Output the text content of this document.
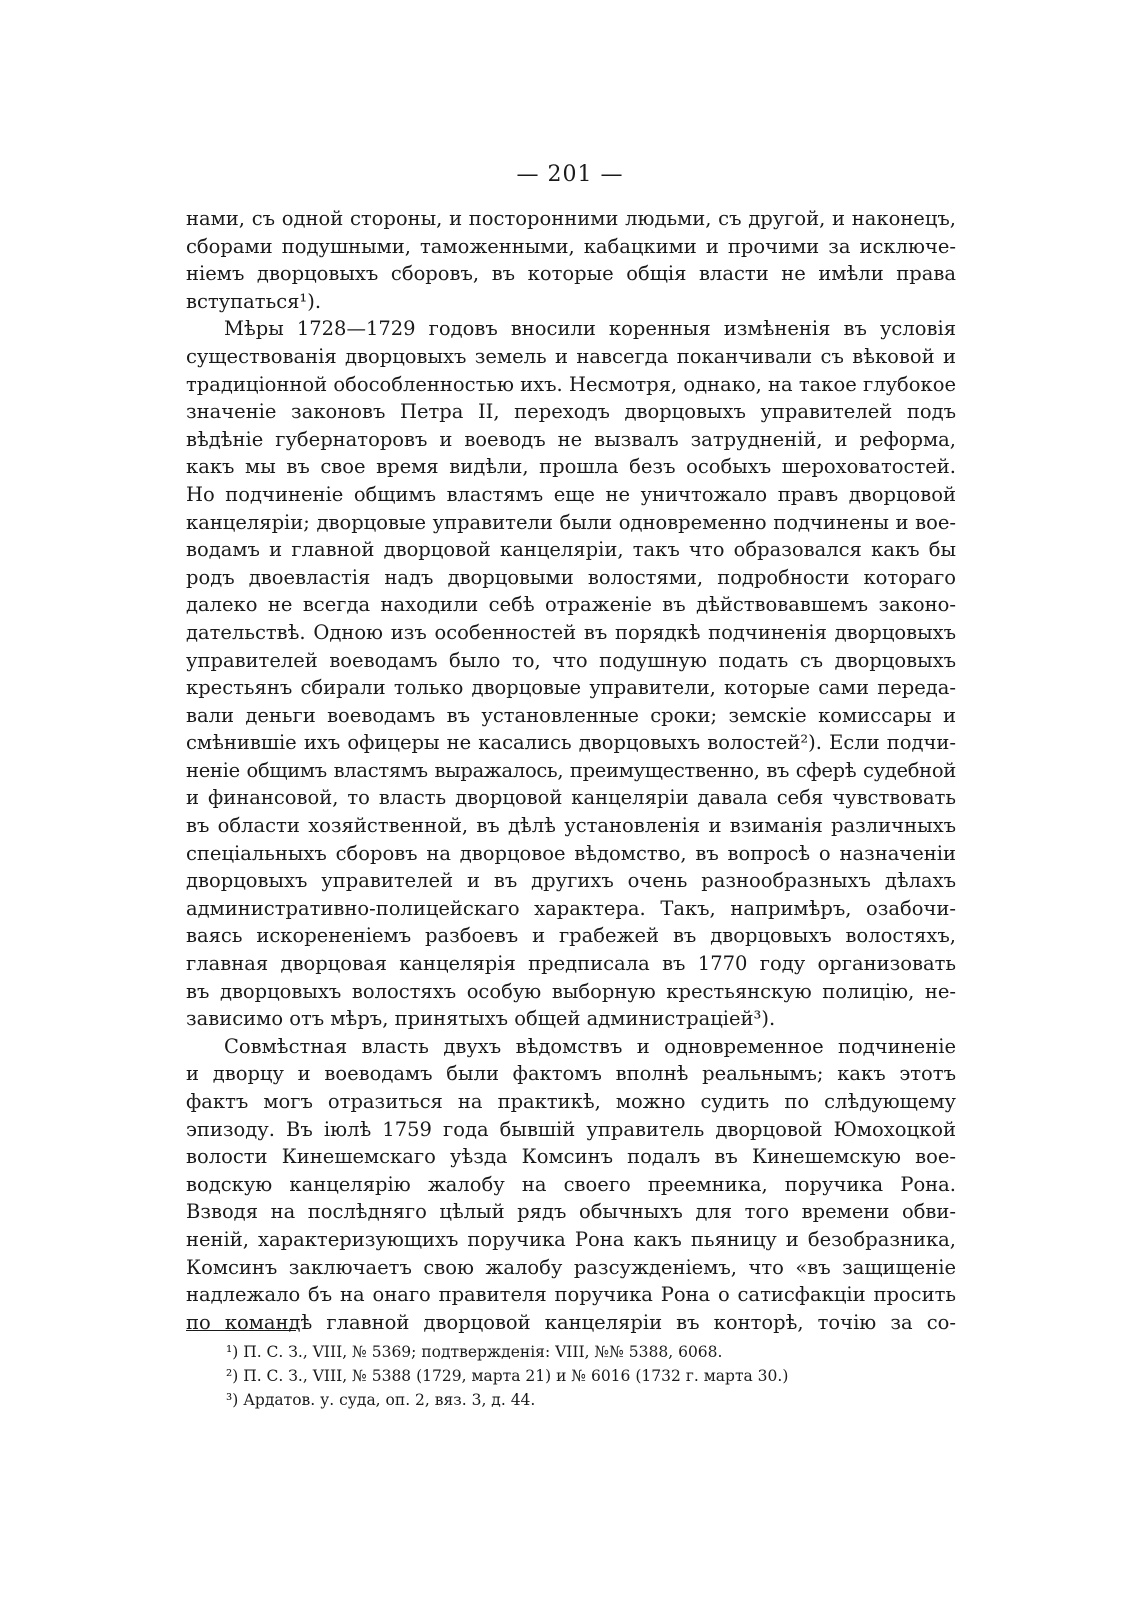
— 201 —
нами, съ одной стороны, и посторонними людьми, съ другой, и наконецъ,
сборами подушными, таможенными, кабацкими и прочими за исключе-
ніемъ дворцовыхъ сборовъ, въ которые общія власти не имѣли права
вступаться¹).
Мѣры 1728—1729 годовъ вносили коренныя измѣненія въ условія
существованія дворцовыхъ земель и навсегда поканчивали съ вѣковой и
традиціонной обособленностью ихъ. Несмотря, однако, на такое глубокое
значеніе законовъ Петра II, переходъ дворцовыхъ управителей подъ
вѣдѣніе губернаторовъ и воеводъ не вызвалъ затрудненій, и реформа,
какъ мы въ свое время видѣли, прошла безъ особыхъ шероховатостей.
Но подчиненіе общимъ властямъ еще не уничтожало правъ дворцовой
канцеляріи; дворцовые управители были одновременно подчинены и вое-
водамъ и главной дворцовой канцеляріи, такъ что образовался какъ бы
родъ двоевластія надъ дворцовыми волостями, подробности котораго
далеко не всегда находили себѣ отраженіе въ дѣйствовавшемъ законо-
дательствѣ. Одною изъ особенностей въ порядкѣ подчиненія дворцовыхъ
управителей воеводамъ было то, что подушную подать съ дворцовыхъ
крестьянъ сбирали только дворцовые управители, которые сами переда-
вали деньги воеводамъ въ установленные сроки; земскіе комиссары и
смѣнившіе ихъ офицеры не касались дворцовыхъ волостей²). Если подчи-
неніе общимъ властямъ выражалось, преимущественно, въ сферѣ судебной
и финансовой, то власть дворцовой канцеляріи давала себя чувствовать
въ области хозяйственной, въ дѣлѣ установленія и взиманія различныхъ
спеціальныхъ сборовъ на дворцовое вѣдомство, въ вопросѣ о назначеніи
дворцовыхъ управителей и въ другихъ очень разнообразныхъ дѣлахъ
административно-полицейскаго характера. Такъ, напримѣръ, озабочи-
ваясь искорененіемъ разбоевъ и грабежей въ дворцовыхъ волостяхъ,
главная дворцовая канцелярія предписала въ 1770 году организовать
въ дворцовыхъ волостяхъ особую выборную крестьянскую полицію, не-
зависимо отъ мѣръ, принятыхъ общей администраціей³).
Совмѣстная власть двухъ вѣдомствъ и одновременное подчиненіе
и дворцу и воеводамъ были фактомъ вполнѣ реальнымъ; какъ этотъ
фактъ могъ отразиться на практикѣ, можно судить по слѣдующему
эпизоду. Въ іюлѣ 1759 года бывшій управитель дворцовой Юмохоцкой
волости Кинешемскаго уѣзда Комсинъ подалъ въ Кинешемскую вое-
водскую канцелярію жалобу на своего преемника, поручика Рона.
Взводя на послѣдняго цѣлый рядъ обычныхъ для того времени обви-
неній, характеризующихъ поручика Рона какъ пьяницу и безобразника,
Комсинъ заключаетъ свою жалобу разсужденіемъ, что «въ защищеніе
надлежало бъ на онаго правителя поручика Рона о сатисфакціи просить
по командѣ главной дворцовой канцеляріи въ конторѣ, точію за со-
¹) П. С. З., VIII, № 5369; подтвержденія: VIII, №№ 5388, 6068.
²) П. С. З., VIII, № 5388 (1729, марта 21) и № 6016 (1732 г. марта 30.)
³) Ардатов. у. суда, оп. 2, вяз. 3, д. 44.
